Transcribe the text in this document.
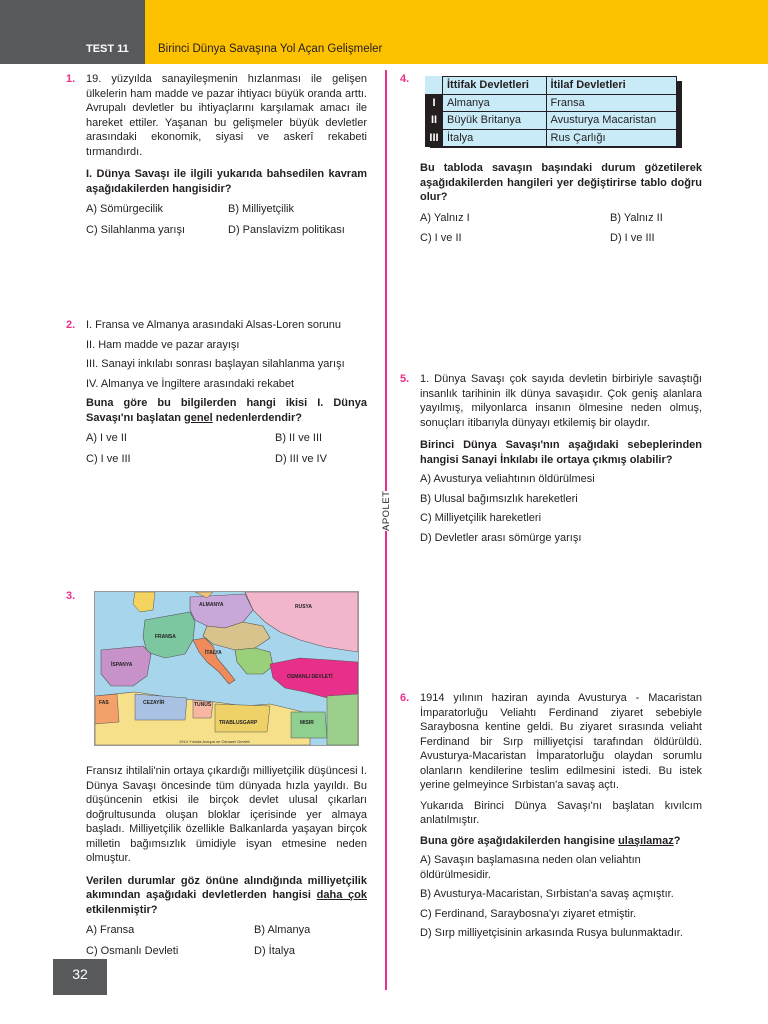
TEST 11	Birinci Dünya Savaşına Yol Açan Gelişmeler
APOLET
1. 19. yüzyılda sanayileşmenin hızlanması ile gelişen ülkelerin ham madde ve pazar ihtiyacı büyük oranda arttı. Avrupalı devletler bu ihtiyaçlarını karşılamak amacı ile hareket ettiler. Yaşanan bu gelişmeler büyük devletler arasındaki ekonomik, siyasi ve askerî rekabeti tırmandırdı.

I. Dünya Savaşı ile ilgili yukarıda bahsedilen kavram aşağıdakilerden hangisidir?

A) Sömürgecilik	B) Milliyetçilik
C) Silahlanma yarışı	D) Panslavizm politikası
2. I. Fransa ve Almanya arasındaki Alsas-Loren sorunu
II. Ham madde ve pazar arayışı
III. Sanayi inkılabı sonrası başlayan silahlanma yarışı
IV. Almanya ve İngiltere arasındaki rekabet

Buna göre bu bilgilerden hangi ikisi I. Dünya Savaşı'nı başlatan genel nedenlerdendir?

A) I ve II	B) II ve III
C) I ve III	D) III ve IV
3.
ALMANYA	RUSYA
FRANSA
İTALYA
OSMANLI DEVLETİ
İSPANYA
FAS	CEZAYİR	TUNUS
TRABLUSGARP	MISIR
1914 Yılında Avrupa ve Osmanlı Devleti

Fransız ihtilali'nin ortaya çıkardığı milliyetçilik düşüncesi I. Dünya Savaşı öncesinde tüm dünyada hızla yayıldı. Bu düşüncenin etkisi ile birçok devlet ulusal çıkarları doğrultusunda oluşan bloklar içerisinde yer almaya başladı. Milliyetçilik özellikle Balkanlarda yaşayan birçok milletin bağımsızlık ümidiyle isyan etmesine neden olmuştur.

Verilen durumlar göz önüne alındığında milliyetçilik akımından aşağıdaki devletlerden hangisi daha çok etkilenmiştir?

A) Fransa	B) Almanya
C) Osmanlı Devleti	D) İtalya
4.
		İttifak Devletleri	İtilaf Devletleri
I	Almanya	Fransa
II	Büyük Britanya	Avusturya Macaristan
III	İtalya	Rus Çarlığı

Bu tabloda savaşın başındaki durum gözetilerek aşağıdakilerden hangileri yer değiştirirse tablo doğru olur?

A) Yalnız I	B) Yalnız II
C) I ve II	D) I ve III
5. 1. Dünya Savaşı çok sayıda devletin birbiriyle savaştığı insanlık tarihinin ilk dünya savaşıdır. Çok geniş alanlara yayılmış, milyonlarca insanın ölmesine neden olmuş, sonuçları itibarıyla dünyayı etkilemiş bir olaydır.

Birinci Dünya Savaşı'nın aşağıdaki sebeplerinden hangisi Sanayi İnkılabı ile ortaya çıkmış olabilir?

A) Avusturya veliahtının öldürülmesi
B) Ulusal bağımsızlık hareketleri
C) Milliyetçilik hareketleri
D) Devletler arası sömürge yarışı
6. 1914 yılının haziran ayında Avusturya - Macaristan İmparatorluğu Veliahtı Ferdinand ziyaret sebebiyle Saraybosna kentine geldi. Bu ziyaret sırasında veliaht Ferdinand bir Sırp milliyetçisi tarafından öldürüldü. Avusturya-Macaristan İmparatorluğu olaydan sorumlu olanların kendilerine teslim edilmesini istedi. Bu istek yerine gelmeyince Sırbistan'a savaş açtı.

Yukarıda Birinci Dünya Savaşı'nı başlatan kıvılcım anlatılmıştır.

Buna göre aşağıdakilerden hangisine ulaşılamaz?

A) Savaşın başlamasına neden olan veliahtın öldürülmesidir.
B) Avusturya-Macaristan, Sırbistan'a savaş açmıştır.
C) Ferdinand, Saraybosna'yı ziyaret etmiştir.
D) Sırp milliyetçisinin arkasında Rusya bulunmaktadır.
32
